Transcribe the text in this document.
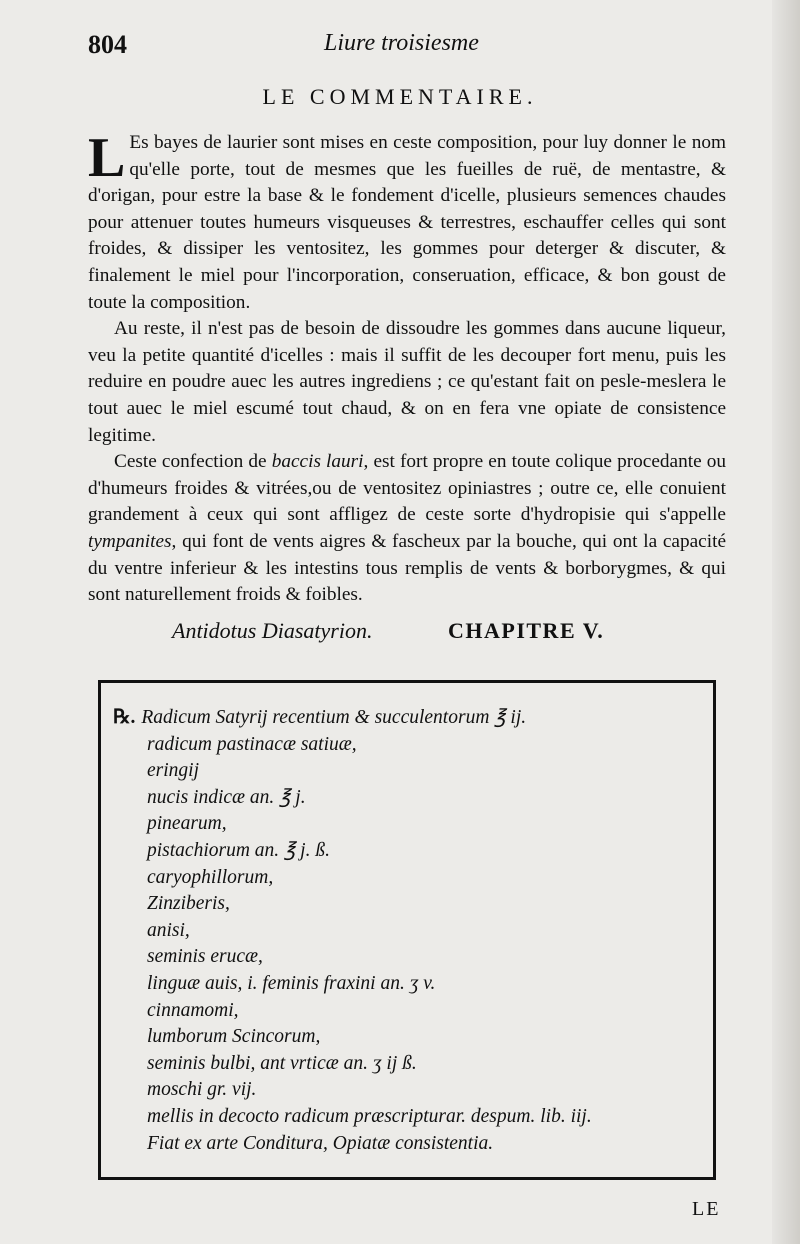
804	Liure troisiesme
LE COMMENTAIRE.

L Es bayes de laurier sont mises en ceste composition, pour luy donner le nom qu'elle porte, tout de mesmes que les fueilles de ruë, de mentastre, & d'origan, pour estre la base & le fondement d'icelle, plusieurs semences chaudes pour attenuer toutes humeurs visqueuses & terrestres, eschauffer celles qui sont froides, & dissiper les ventositez, les gommes pour deterger & discuter, & finalement le miel pour l'incorporation, conseruation, efficace, & bon goust de toute la composition.

Au reste, il n'est pas de besoin de dissoudre les gommes dans aucune liqueur, veu la petite quantité d'icelles : mais il suffit de les decouper fort menu, puis les reduire en poudre auec les autres ingrediens ; ce qu'estant fait on pesle-meslera le tout auec le miel escumé tout chaud, & on en fera vne opiate de consistence legitime.

Ceste confection de baccis lauri, est fort propre en toute colique procedante ou d'humeurs froides & vitrées,ou de ventositez opiniastres ; outre ce, elle conuient grandement à ceux qui sont affligez de ceste sorte d'hydropisie qui s'appelle tympanites, qui font de vents aigres & fascheux par la bouche, qui ont la capacité du ventre inferieur & les intestins tous remplis de vents & borborygmes, & qui sont naturellement froids & foibles.

Antidotus Diasatyrion.	CHAPITRE V.
℞. Radicum Satyrij recentium & succulentorum ℥ ij.
radicum pastinacæ satiuæ,
eringij
nucis indicæ an. ℥ j.
pinearum,
pistachiorum an. ℥ j. ß.
caryophillorum,
Zinziberis,
anisi,
seminis erucæ,
linguæ auis, i. feminis fraxini an. ʒ v.
cinnamomi,
lumborum Scincorum,
seminis bulbi, ant vrticæ an. ʒ ij ß.
moschi gr. vij.
mellis in decocto radicum præscripturar. despum. lib. iij.
Fiat ex arte Conditura, Opiatæ consistentia.
LE
